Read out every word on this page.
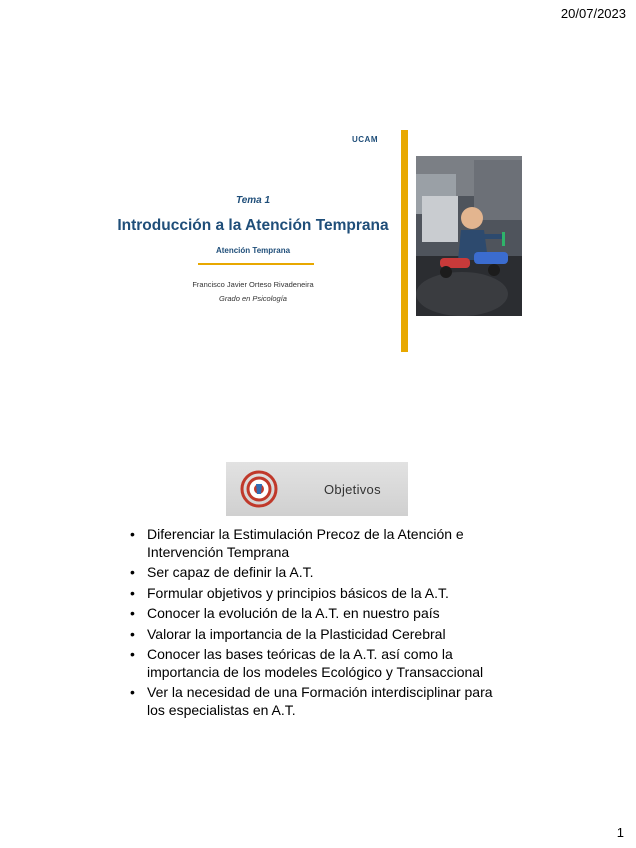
20/07/2023
UCAM
Tema 1
Introducción a la Atención Temprana
Atención Temprana
Francisco Javier Orteso Rivadeneira
Grado en Psicología
Objetivos
• Diferenciar la Estimulación Precoz de la Atención e Intervención Temprana
• Ser capaz de definir la A.T.
• Formular objetivos y principios básicos de la A.T.
• Conocer la evolución de la A.T. en nuestro país
• Valorar la importancia de la Plasticidad Cerebral
• Conocer las bases teóricas de la A.T. así como la importancia de los modeles Ecológico y Transaccional
• Ver la necesidad de una Formación interdisciplinar para los especialistas en A.T.
1
